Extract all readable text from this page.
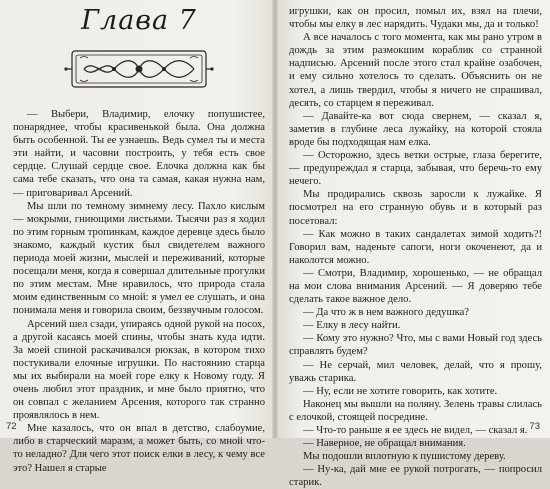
Глава 7

— Выбери, Владимир, елочку попушистее, понаряднее, чтобы красивенькой была. Она должна быть особенной. Ты ее узнаешь. Ведь сумел ты и места эти найти, и часовни построить, у тебя есть свое сердце. Слушай сердце свое. Елочка должна как бы сама тебе сказать, что она та самая, какая нужна нам, — приговаривал Арсений.

Мы шли по темному зимнему лесу. Пахло кислым — мокрыми, гниющими листьями. Тысячи раз я ходил по этим горным тропинкам, каждое деревце здесь было знакомо, каждый кустик был свидетелем важного периода моей жизни, мыслей и переживаний, которые посещали меня, когда я совершал длительные прогулки по этим местам. Мне нравилось, что природа стала моим единственным со мной: я умел ее слушать, и она понимала меня и говорила своим, беззвучным голосом.

Арсений шел сзади, упираясь одной рукой на посох, а другой касаясь моей спины, чтобы знать куда идти. За моей спиной раскачивался рюкзак, в котором тихо постукивали елочные игрушки. По настоянию старца мы их выбирали на моей горе елку к Новому году. Я очень любил этот праздник, и мне было приятно, что он совпал с желанием Арсения, которого так странно проявлялось в нем.

Мне казалось, что он впал в детство, слабоумие, либо в старческий маразм, а может быть, со мной что-то неладно? Для чего этот поиск елки в лесу, к чему все это? Нашел я старые

72

игрушки, как он просил, помыл их, взял на плечи, чтобы мы елку в лес нарядить. Чудаки мы, да и только!

А все началось с того момента, как мы рано утром в дождь за этим размокшим кораблик со странной надписью. Арсений после этого стал крайне озабочен, и ему сильно хотелось то сделать. Объяснить он не хотел, а лишь твердил, чтобы я ничего не спрашивал, десять, со старцем я переживал.

— Давайте-ка вот сюда свернем, — сказал я, заметив в глубине леса лужайку, на которой стояла вроде бы подходящая нам елка.

— Осторожно, здесь ветки острые, глаза берегите, — предупреждал я старца, забывая, что беречь-то ему нечего.

Мы продирались сквозь заросли к лужайке. Я посмотрел на его странную обувь и в который раз посетовал:

— Как можно в таких сандалетах зимой ходить?! Говорил вам, наденьте сапоги, ноги окоченеют, да и наколотся можно.

— Смотри, Владимир, хорошенько, — не обращал на мои слова внимания Арсений. — Я доверяю тебе сделать такое важное дело.

— Да что ж в нем важного дедушка?

— Елку в лесу найти.

— Кому это нужно? Что, мы с вами Новый год здесь справлять будем?

— Не серчай, мил человек, делай, что я прошу, уважь старика.

— Ну, если не хотите говорить, как хотите.

Наконец мы вышли на поляну. Зелень травы слилась с елочкой, стоящей посредине.

— Что-то раньше я ее здесь не видел, — сказал я.

— Наверное, не обращал внимания.

Мы подошли вплотную к пушистому дереву.

— Ну-ка, дай мне ее рукой потрогать, — попросил старик.

73
